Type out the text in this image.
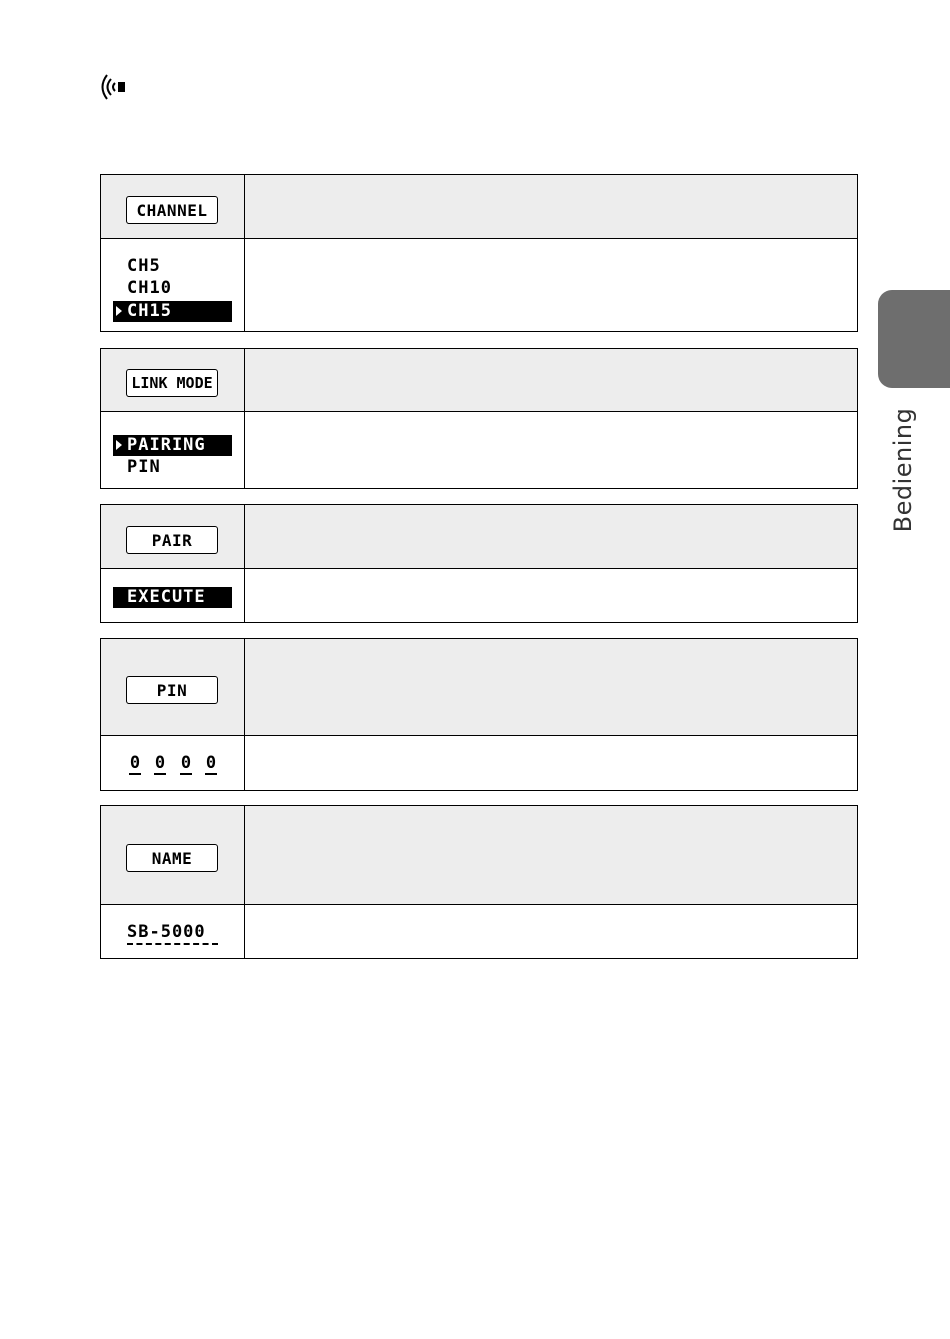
Bediening
CHANNEL
CH5
CH10
CH15
LINK MODE
PAIRING
PIN
PAIR
EXECUTE
PIN
0 0 0 0
NAME
SB-5000
